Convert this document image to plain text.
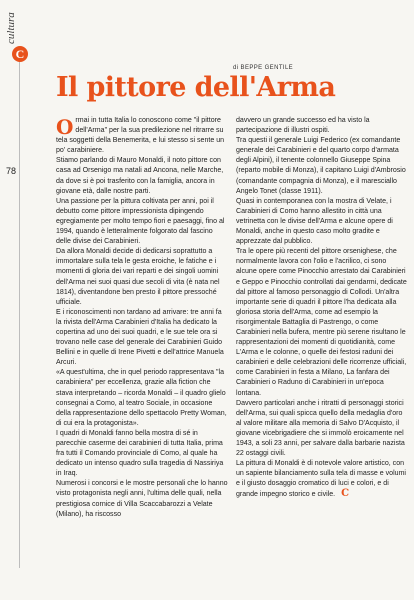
cultura
C
78
di BEPPE GENTILE
Il pittore dell'Arma

Ormai in tutta Italia lo conoscono come "il pittore dell'Arma" per la sua predilezione nel ritrarre su tela soggetti della Benemerita, e lui stesso si sente un po' carabiniere.

Stiamo parlando di Mauro Monaldi, il noto pittore con casa ad Orsenigo ma natali ad Ancona, nelle Marche, da dove si è poi trasferito con la famiglia, ancora in giovane età, dalle nostre parti.

Una passione per la pittura coltivata per anni, poi il debutto come pittore impressionista dipingendo egregiamente per molto tempo fiori e paesaggi, fino al 1994, quando è letteralmente folgorato dal fascino delle divise dei Carabinieri.

Da allora Monaldi decide di dedicarsi soprattutto a immortalare sulla tela le gesta eroiche, le fatiche e i momenti di gloria dei vari reparti e dei singoli uomini dell'Arma nei suoi quasi due secoli di vita (è nata nel 1814), diventandone ben presto il pittore pressoché ufficiale.

E i riconoscimenti non tardano ad arrivare: tre anni fa la rivista dell'Arma Carabinieri d'Italia ha dedicato la copertina ad uno dei suoi quadri, e le sue tele ora si trovano nelle case del generale dei Carabinieri Guido Bellini e in quelle di Irene Pivetti e dell'attrice Manuela Arcuri.

«A quest'ultima, che in quel periodo rappresentava "la carabiniera" per eccellenza, grazie alla fiction che stava interpretando – ricorda Monaldi – il quadro glielo consegnai a Como, al teatro Sociale, in occasione della rappresentazione dello spettacolo Pretty Woman, di cui era la protagonista».

I quadri di Monaldi fanno bella mostra di sé in parecchie caserme dei carabinieri di tutta Italia, prima fra tutti il Comando provinciale di Como, al quale ha dedicato un intenso quadro sulla tragedia di Nassiriya in Iraq.

Numerosi i concorsi e le mostre personali che lo hanno visto protagonista negli anni, l'ultima delle quali, nella prestigiosa cornice di Villa Scaccabarozzi a Velate (Milano), ha riscosso

davvero un grande successo ed ha visto la partecipazione di illustri ospiti.

Tra questi il generale Luigi Federico (ex comandante generale dei Carabinieri e del quarto corpo d'armata degli Alpini), il tenente colonnello Giuseppe Spina (reparto mobile di Monza), il capitano Luigi d'Ambrosio (comandante compagnia di Monza), e il maresciallo Angelo Tonet (classe 1911).

Quasi in contemporanea con la mostra di Velate, i Carabinieri di Como hanno allestito in città una vetrinetta con le divise dell'Arma e alcune opere di Monaldi, anche in questo caso molto gradite e apprezzate dal pubblico.

Tra le opere più recenti del pittore orsenighese, che normalmente lavora con l'olio e l'acrilico, ci sono alcune opere come Pinocchio arrestato dai Carabinieri e Geppo e Pinocchio controllati dai gendarmi, dedicate dal pittore al famoso personaggio di Collodi. Un'altra importante serie di quadri il pittore l'ha dedicata alla gloriosa storia dell'Arma, come ad esempio la risorgimentale Battaglia di Pastrengo, o come Carabinieri nella bufera, mentre più serene risultano le rappresentazioni dei momenti di quotidianità, come L'Arma e le colonne, o quelle dei festosi raduni dei carabinieri e delle celebrazioni delle ricorrenze ufficiali, come Carabinieri in festa a Milano, La fanfara dei Carabinieri o Raduno di Carabinieri in un'epoca lontana.

Davvero particolari anche i ritratti di personaggi storici dell'Arma, sui quali spicca quello della medaglia d'oro al valore militare alla memoria di Salvo D'Acquisto, il giovane vicebrigadiere che si immolò eroicamente nel 1943, a soli 23 anni, per salvare dalla barbarie nazista 22 ostaggi civili.

La pittura di Monaldi è di notevole valore artistico, con un sapiente bilanciamento sulla tela di masse e volumi e il giusto dosaggio cromatico di luci e colori, e di grande impegno storico e civile. C
